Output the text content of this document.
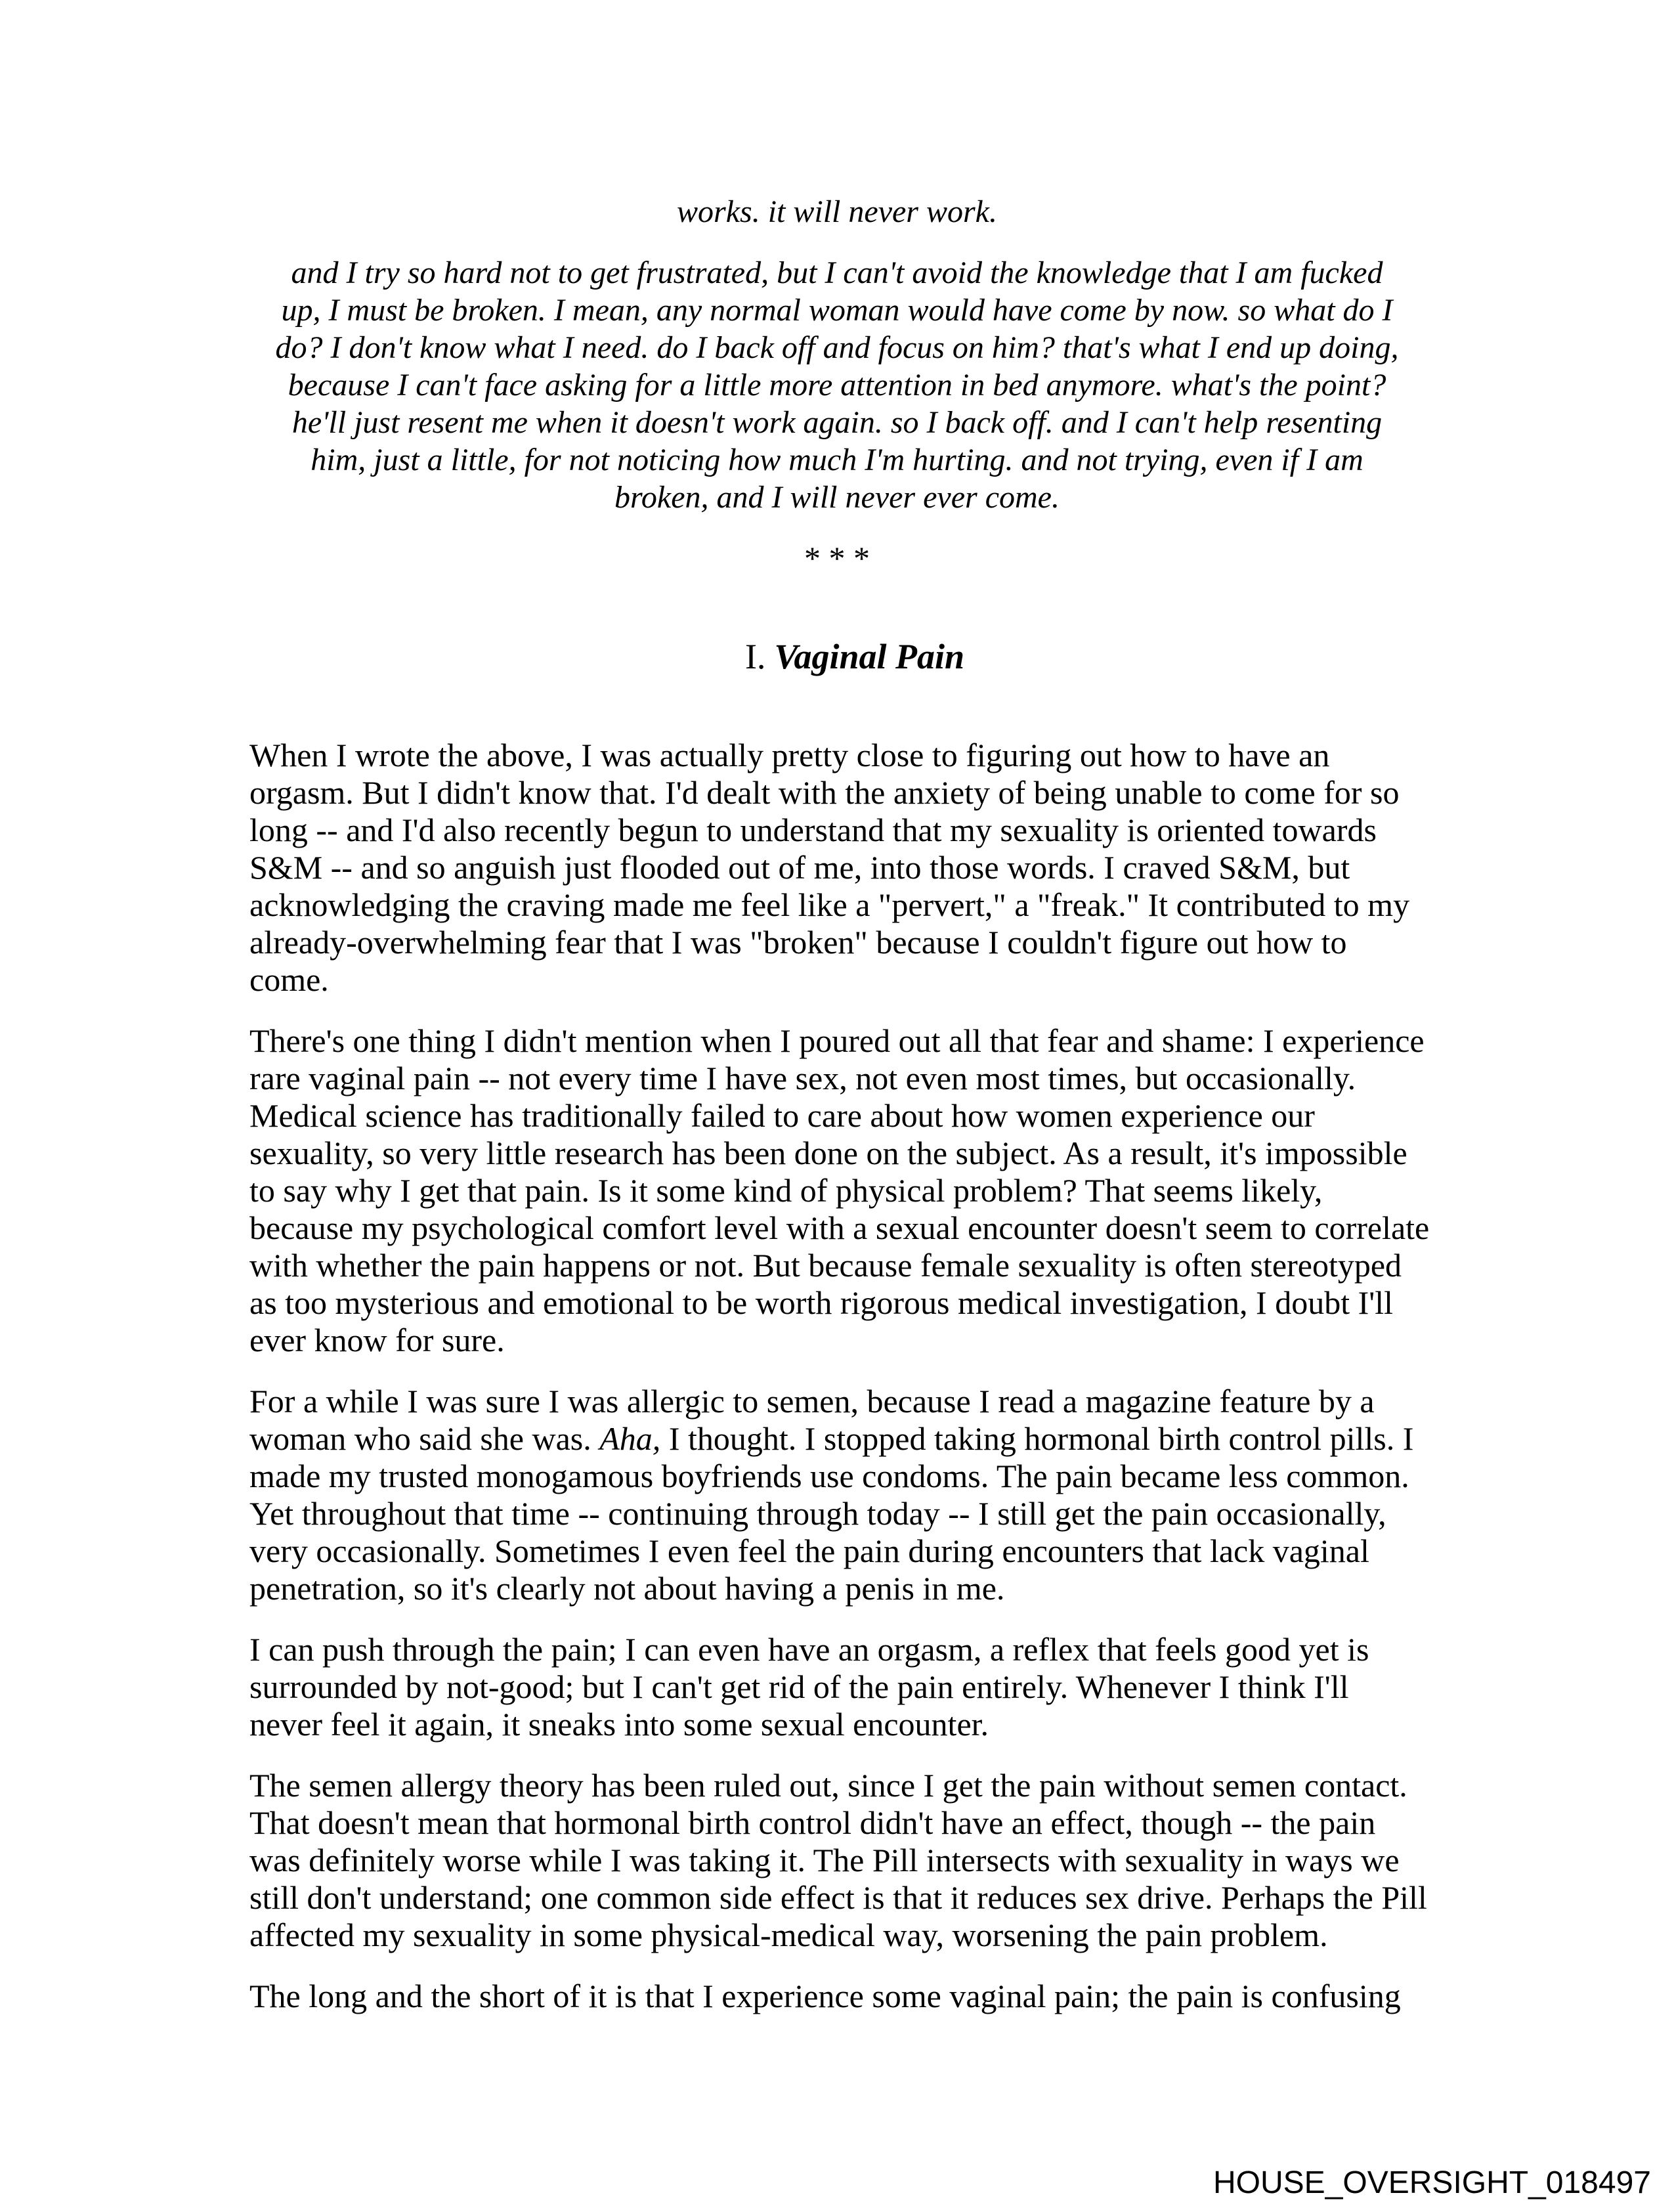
works. it will never work.
and I try so hard not to get frustrated, but I can't avoid the knowledge that I am fucked
up, I must be broken. I mean, any normal woman would have come by now. so what do I
do? I don't know what I need. do I back off and focus on him? that's what I end up doing,
because I can't face asking for a little more attention in bed anymore. what's the point?
he'll just resent me when it doesn't work again. so I back off. and I can't help resenting
him, just a little, for not noticing how much I'm hurting. and not trying, even if I am
broken, and I will never ever come.
* * *

I. Vaginal Pain

When I wrote the above, I was actually pretty close to figuring out how to have an
orgasm. But I didn't know that. I'd dealt with the anxiety of being unable to come for so
long -- and I'd also recently begun to understand that my sexuality is oriented towards
S&M -- and so anguish just flooded out of me, into those words. I craved S&M, but
acknowledging the craving made me feel like a "pervert," a "freak." It contributed to my
already-overwhelming fear that I was "broken" because I couldn't figure out how to
come.
There's one thing I didn't mention when I poured out all that fear and shame: I experience
rare vaginal pain -- not every time I have sex, not even most times, but occasionally.
Medical science has traditionally failed to care about how women experience our
sexuality, so very little research has been done on the subject. As a result, it's impossible
to say why I get that pain. Is it some kind of physical problem? That seems likely,
because my psychological comfort level with a sexual encounter doesn't seem to correlate
with whether the pain happens or not. But because female sexuality is often stereotyped
as too mysterious and emotional to be worth rigorous medical investigation, I doubt I'll
ever know for sure.
For a while I was sure I was allergic to semen, because I read a magazine feature by a
woman who said she was. Aha, I thought. I stopped taking hormonal birth control pills. I
made my trusted monogamous boyfriends use condoms. The pain became less common.
Yet throughout that time -- continuing through today -- I still get the pain occasionally,
very occasionally. Sometimes I even feel the pain during encounters that lack vaginal
penetration, so it's clearly not about having a penis in me.
I can push through the pain; I can even have an orgasm, a reflex that feels good yet is
surrounded by not-good; but I can't get rid of the pain entirely. Whenever I think I'll
never feel it again, it sneaks into some sexual encounter.
The semen allergy theory has been ruled out, since I get the pain without semen contact.
That doesn't mean that hormonal birth control didn't have an effect, though -- the pain
was definitely worse while I was taking it. The Pill intersects with sexuality in ways we
still don't understand; one common side effect is that it reduces sex drive. Perhaps the Pill
affected my sexuality in some physical-medical way, worsening the pain problem.
The long and the short of it is that I experience some vaginal pain; the pain is confusing
HOUSE_OVERSIGHT_018497
